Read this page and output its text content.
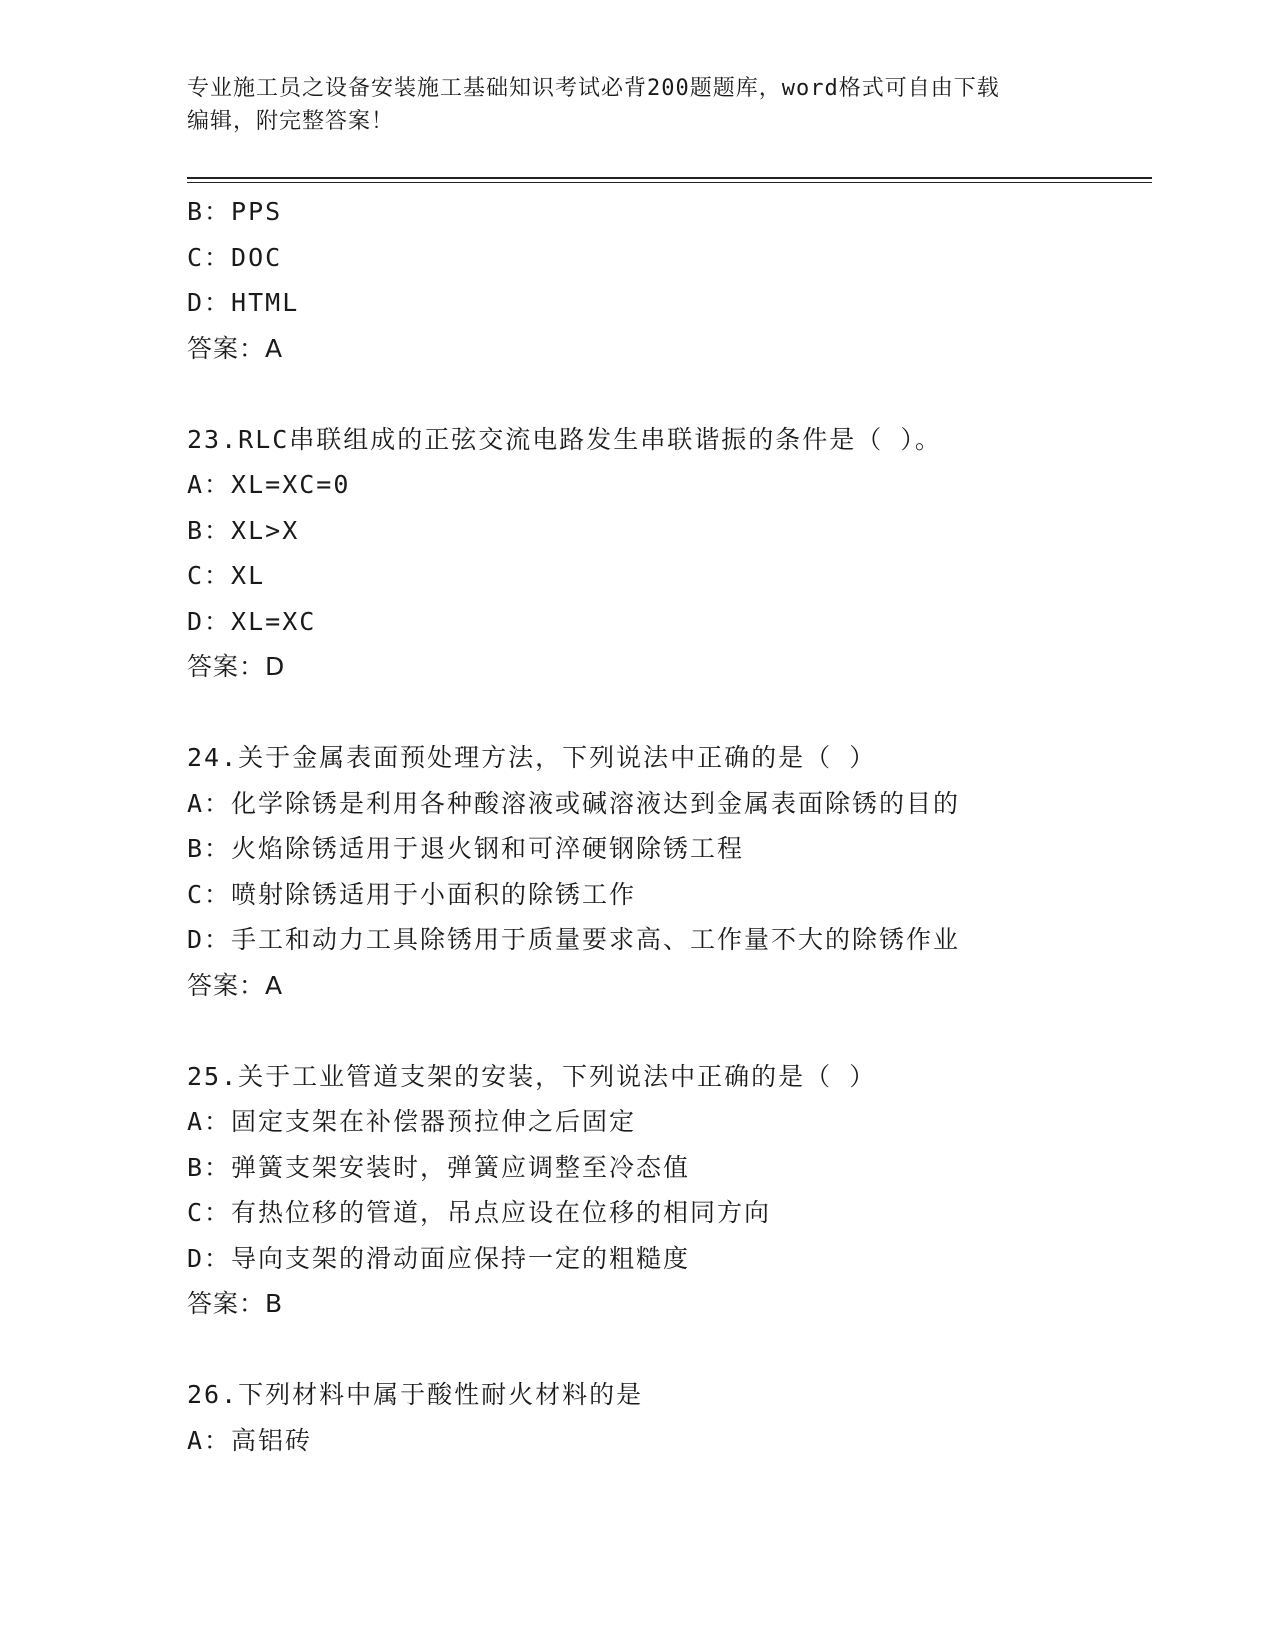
专业施工员之设备安装施工基础知识考试必背200题题库，word格式可自由下载
编辑，附完整答案！
B：PPS
C：DOC
D：HTML
答案：A
23.RLC串联组成的正弦交流电路发生串联谐振的条件是（ ）。
A：XL=XC=0
B：XL>X
C：XL
D：XL=XC
答案：D
24.关于金属表面预处理方法，下列说法中正确的是（ ）
A：化学除锈是利用各种酸溶液或碱溶液达到金属表面除锈的目的
B：火焰除锈适用于退火钢和可淬硬钢除锈工程
C：喷射除锈适用于小面积的除锈工作
D：手工和动力工具除锈用于质量要求高、工作量不大的除锈作业
答案：A
25.关于工业管道支架的安装，下列说法中正确的是（ ）
A：固定支架在补偿器预拉伸之后固定
B：弹簧支架安装时，弹簧应调整至冷态值
C：有热位移的管道，吊点应设在位移的相同方向
D：导向支架的滑动面应保持一定的粗糙度
答案：B
26.下列材料中属于酸性耐火材料的是
A：高铝砖
